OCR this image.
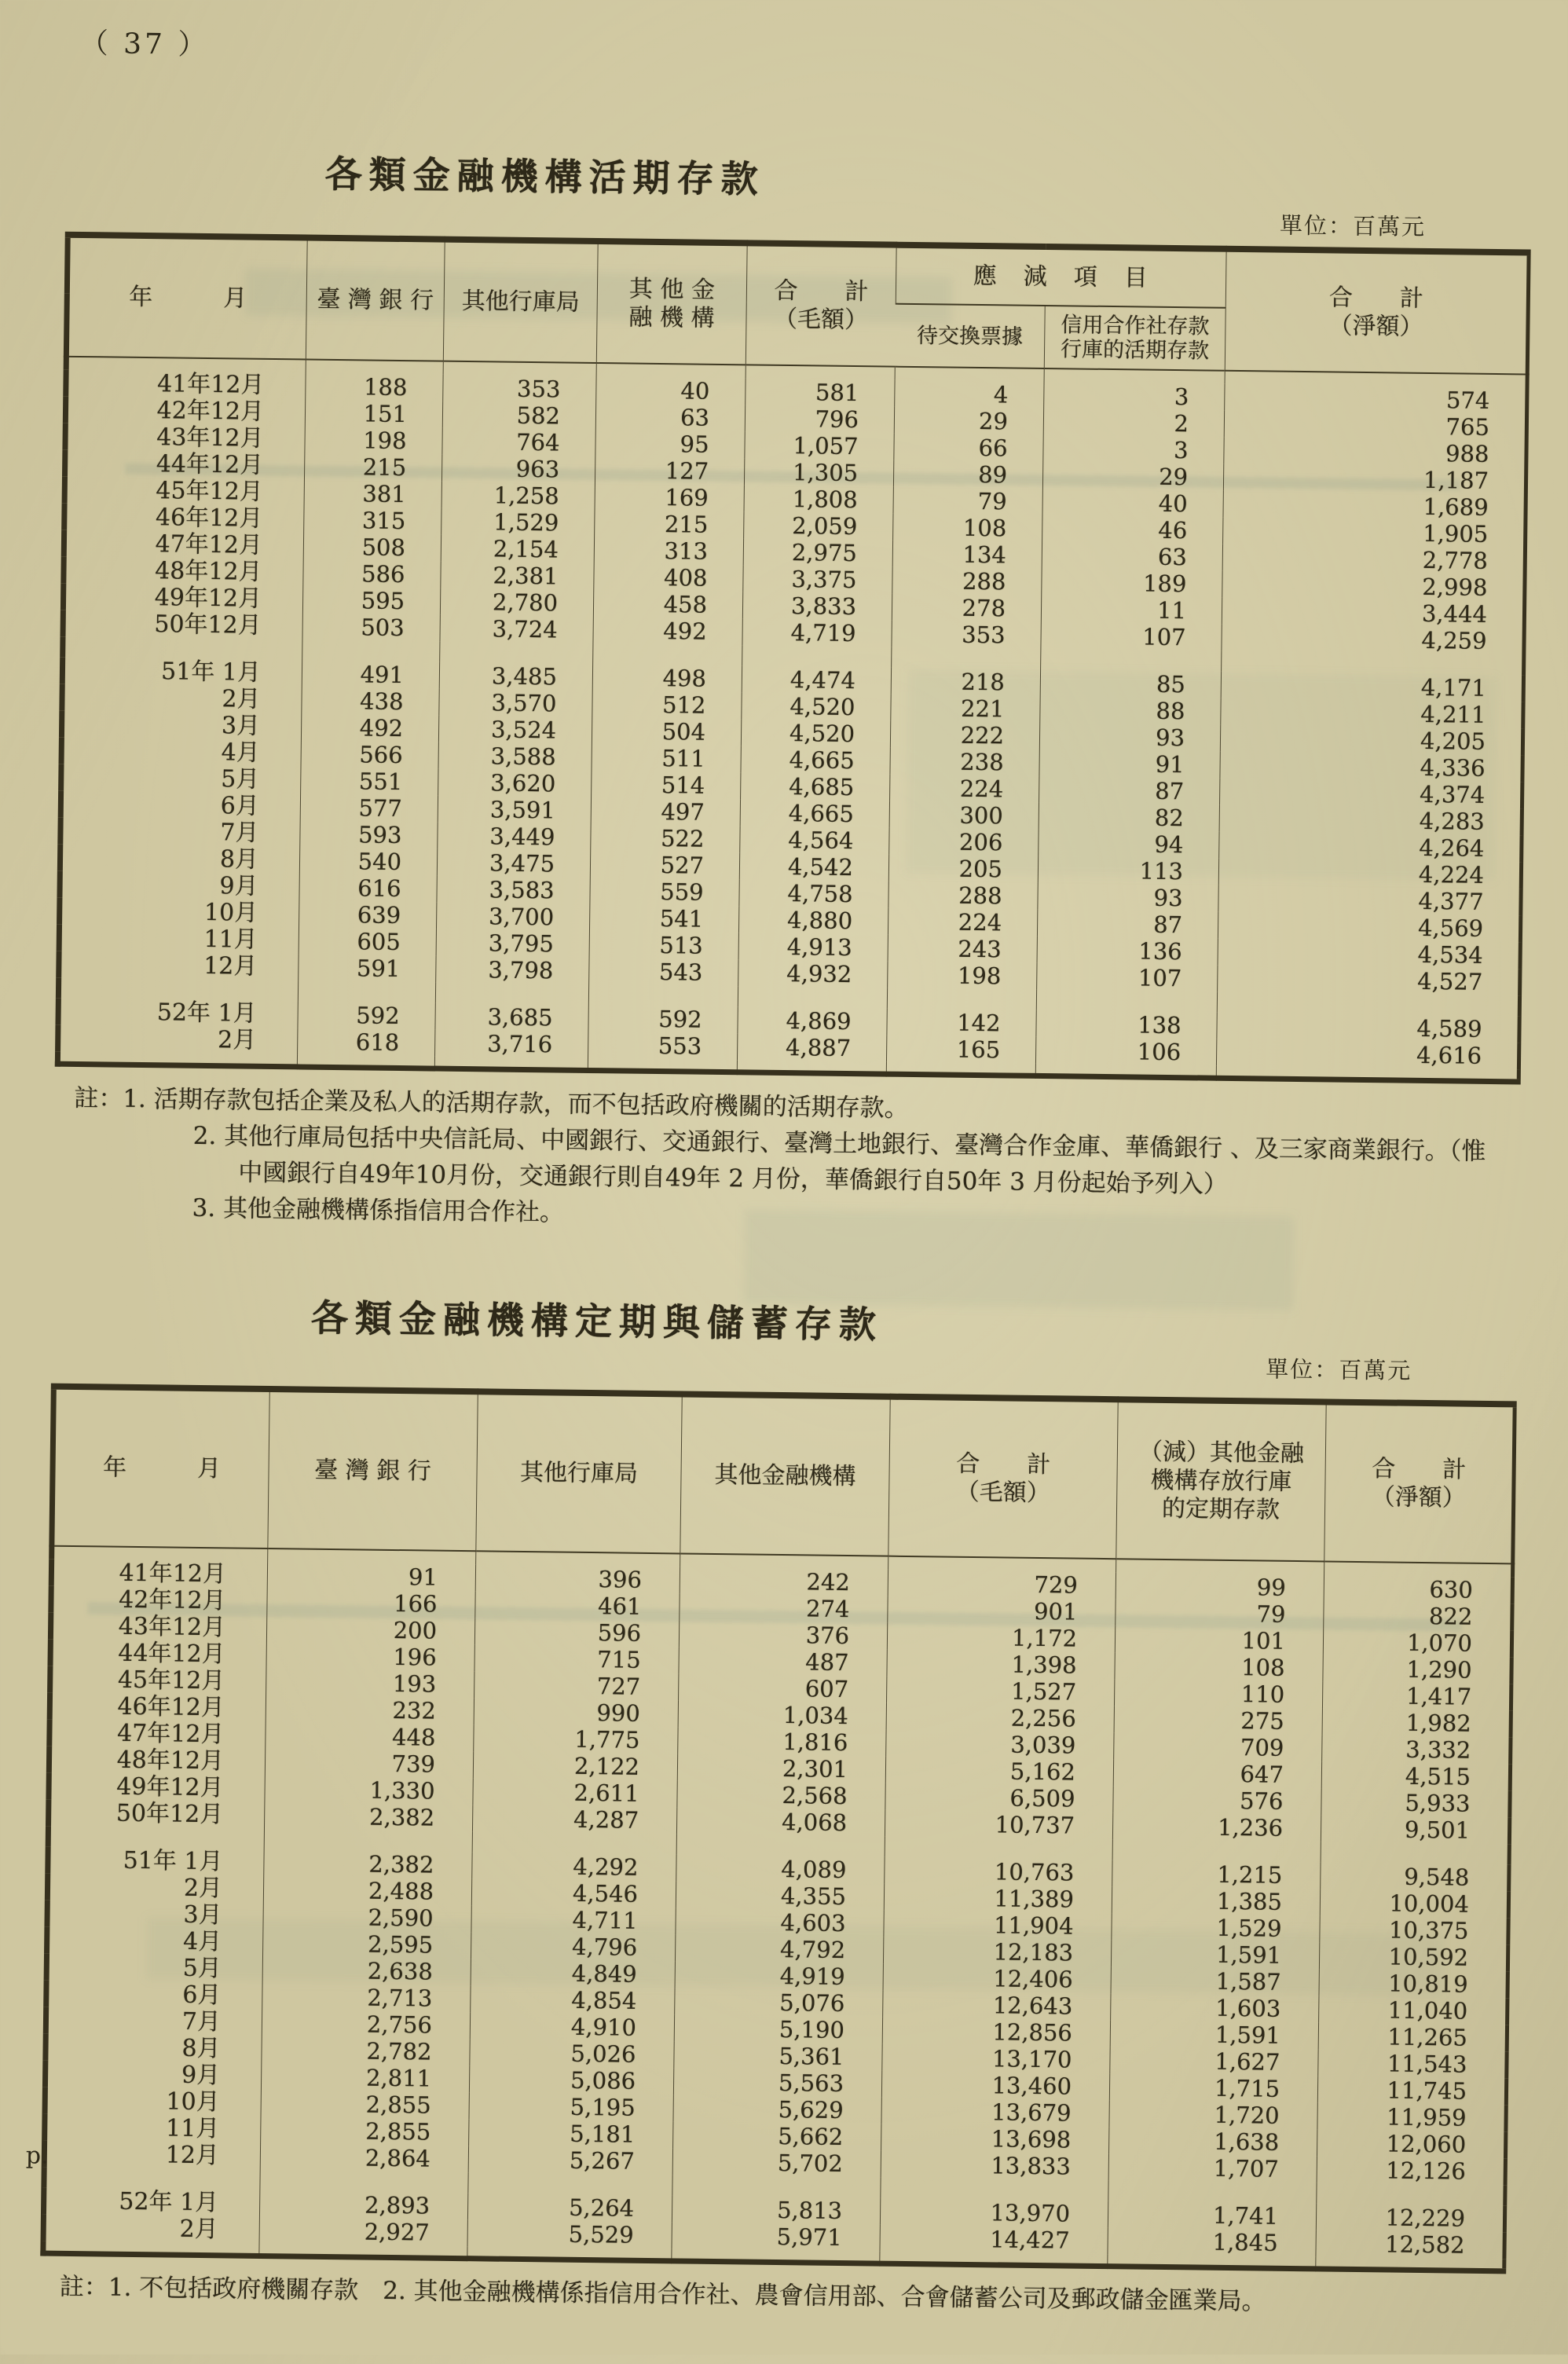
（ 37 ）
各類金融機構活期存款
單位：百萬元
年　　　月	臺 灣 銀 行	其他行庫局	其 他 金
融 機 構	合　　計
（毛額）	應　減　項　目		合　　計
（淨額）
					待交換票據	信用合作社存款
行庫的活期存款	

41年12月	188	353	40	581	4	3	574
42年12月	151	582	63	796	29	2	765
43年12月	198	764	95	1,057	66	3	988
44年12月	215	963	127	1,305	89	29	1,187
45年12月	381	1,258	169	1,808	79	40	1,689
46年12月	315	1,529	215	2,059	108	46	1,905
47年12月	508	2,154	313	2,975	134	63	2,778
48年12月	586	2,381	408	3,375	288	189	2,998
49年12月	595	2,780	458	3,833	278	11	3,444
50年12月	503	3,724	492	4,719	353	107	4,259

51年 1月	491	3,485	498	4,474	218	85	4,171
2月	438	3,570	512	4,520	221	88	4,211
3月	492	3,524	504	4,520	222	93	4,205
4月	566	3,588	511	4,665	238	91	4,336
5月	551	3,620	514	4,685	224	87	4,374
6月	577	3,591	497	4,665	300	82	4,283
7月	593	3,449	522	4,564	206	94	4,264
8月	540	3,475	527	4,542	205	113	4,224
9月	616	3,583	559	4,758	288	93	4,377
10月	639	3,700	541	4,880	224	87	4,569
11月	605	3,795	513	4,913	243	136	4,534
12月	591	3,798	543	4,932	198	107	4,527

52年 1月	592	3,685	592	4,869	142	138	4,589
2月	618	3,716	553	4,887	165	106	4,616

註：1. 活期存款包括企業及私人的活期存款，而不包括政府機關的活期存款。

2. 其他行庫局包括中央信託局、中國銀行、交通銀行、臺灣土地銀行、臺灣合作金庫、華僑銀行 、及三家商業銀行。（惟中國銀行自49年10月份，交通銀行則自49年 2 月份，華僑銀行自50年 3 月份起始予列入）

3. 其他金融機構係指信用合作社。

各類金融機構定期與儲蓄存款
單位：百萬元
年　　　月	臺 灣 銀 行	其他行庫局	其他金融機構	合　　計
（毛額）	（減）其他金融
機構存放行庫
的定期存款	合　　計
（淨額）

41年12月	91	396	242	729	99	630
42年12月	166	461	274	901	79	822
43年12月	200	596	376	1,172	101	1,070
44年12月	196	715	487	1,398	108	1,290
45年12月	193	727	607	1,527	110	1,417
46年12月	232	990	1,034	2,256	275	1,982
47年12月	448	1,775	1,816	3,039	709	3,332
48年12月	739	2,122	2,301	5,162	647	4,515
49年12月	1,330	2,611	2,568	6,509	576	5,933
50年12月	2,382	4,287	4,068	10,737	1,236	9,501

51年 1月	2,382	4,292	4,089	10,763	1,215	9,548
2月	2,488	4,546	4,355	11,389	1,385	10,004
3月	2,590	4,711	4,603	11,904	1,529	10,375
4月	2,595	4,796	4,792	12,183	1,591	10,592
5月	2,638	4,849	4,919	12,406	1,587	10,819
6月	2,713	4,854	5,076	12,643	1,603	11,040
7月	2,756	4,910	5,190	12,856	1,591	11,265
8月	2,782	5,026	5,361	13,170	1,627	11,543
9月	2,811	5,086	5,563	13,460	1,715	11,745
10月	2,855	5,195	5,629	13,679	1,720	11,959
11月	2,855	5,181	5,662	13,698	1,638	12,060
12月	2,864	5,267	5,702	13,833	1,707	12,126

52年 1月	2,893	5,264	5,813	13,970	1,741	12,229
2月	2,927	5,529	5,971	14,427	1,845	12,582

p.
註：1. 不包括政府機關存款　2. 其他金融機構係指信用合作社、農會信用部、合會儲蓄公司及郵政儲金匯業局。
